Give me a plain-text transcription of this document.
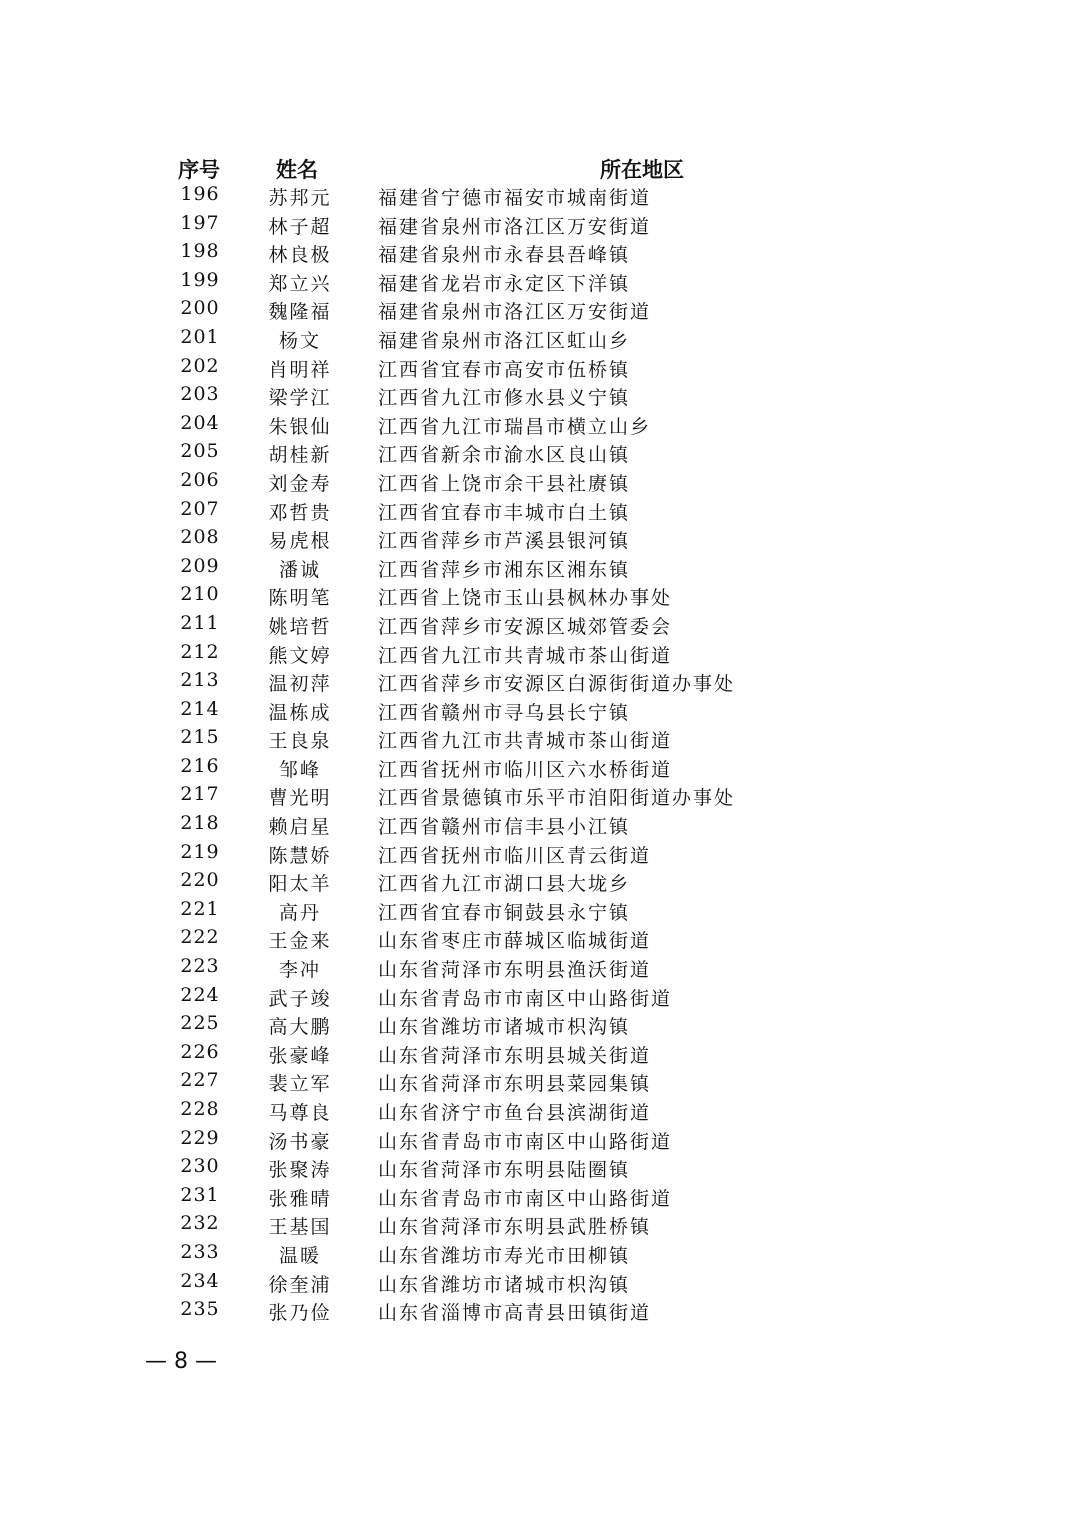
序号	姓名	所在地区
196	苏邦元	福建省宁德市福安市城南街道
197	林子超	福建省泉州市洛江区万安街道
198	林良极	福建省泉州市永春县吾峰镇
199	郑立兴	福建省龙岩市永定区下洋镇
200	魏隆福	福建省泉州市洛江区万安街道
201	杨文	福建省泉州市洛江区虹山乡
202	肖明祥	江西省宜春市高安市伍桥镇
203	梁学江	江西省九江市修水县义宁镇
204	朱银仙	江西省九江市瑞昌市横立山乡
205	胡桂新	江西省新余市渝水区良山镇
206	刘金寿	江西省上饶市余干县社赓镇
207	邓哲贵	江西省宜春市丰城市白土镇
208	易虎根	江西省萍乡市芦溪县银河镇
209	潘诚	江西省萍乡市湘东区湘东镇
210	陈明笔	江西省上饶市玉山县枫林办事处
211	姚培哲	江西省萍乡市安源区城郊管委会
212	熊文婷	江西省九江市共青城市茶山街道
213	温初萍	江西省萍乡市安源区白源街街道办事处
214	温栋成	江西省赣州市寻乌县长宁镇
215	王良泉	江西省九江市共青城市茶山街道
216	邹峰	江西省抚州市临川区六水桥街道
217	曹光明	江西省景德镇市乐平市洎阳街道办事处
218	赖启星	江西省赣州市信丰县小江镇
219	陈慧娇	江西省抚州市临川区青云街道
220	阳太羊	江西省九江市湖口县大垅乡
221	高丹	江西省宜春市铜鼓县永宁镇
222	王金来	山东省枣庄市薛城区临城街道
223	李冲	山东省菏泽市东明县渔沃街道
224	武子竣	山东省青岛市市南区中山路街道
225	高大鹏	山东省潍坊市诸城市枳沟镇
226	张豪峰	山东省菏泽市东明县城关街道
227	裴立军	山东省菏泽市东明县菜园集镇
228	马尊良	山东省济宁市鱼台县滨湖街道
229	汤书豪	山东省青岛市市南区中山路街道
230	张聚涛	山东省菏泽市东明县陆圈镇
231	张雅晴	山东省青岛市市南区中山路街道
232	王基国	山东省菏泽市东明县武胜桥镇
233	温暖	山东省潍坊市寿光市田柳镇
234	徐奎浦	山东省潍坊市诸城市枳沟镇
235	张乃俭	山东省淄博市高青县田镇街道
— 8 —
